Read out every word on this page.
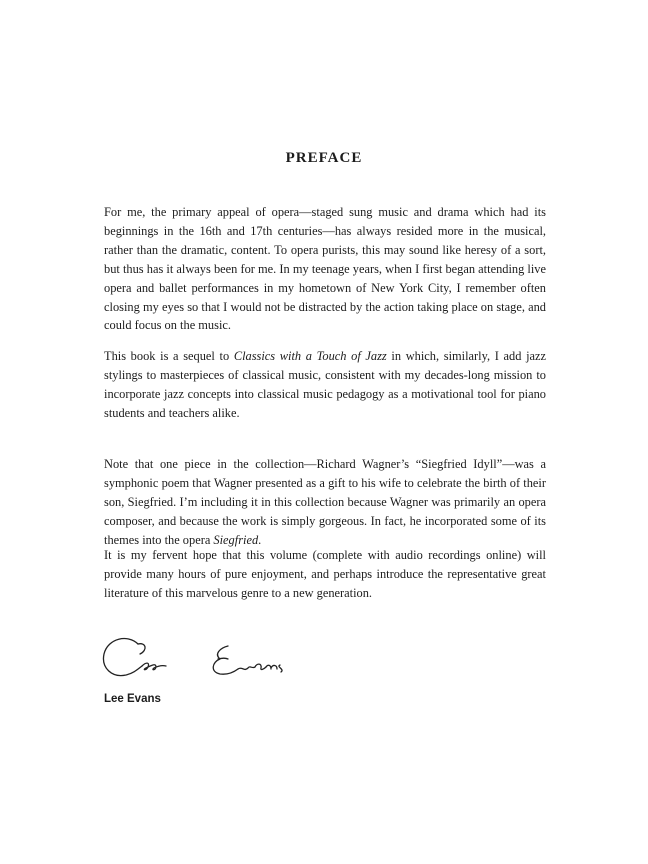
PREFACE

For me, the primary appeal of opera—staged sung music and drama which had its beginnings in the 16th and 17th centuries—has always resided more in the musical, rather than the dramatic, content. To opera purists, this may sound like heresy of a sort, but thus has it always been for me. In my teenage years, when I first began attending live opera and ballet performances in my hometown of New York City, I remember often closing my eyes so that I would not be distracted by the action taking place on stage, and could focus on the music.

This book is a sequel to Classics with a Touch of Jazz in which, similarly, I add jazz stylings to masterpieces of classical music, consistent with my decades-long mission to incorporate jazz concepts into classical music pedagogy as a motivational tool for piano students and teachers alike.

Note that one piece in the collection—Richard Wagner’s “Siegfried Idyll”—was a symphonic poem that Wagner presented as a gift to his wife to celebrate the birth of their son, Siegfried. I’m including it in this collection because Wagner was primarily an opera composer, and because the work is simply gorgeous. In fact, he incorporated some of its themes into the opera Siegfried.

It is my fervent hope that this volume (complete with audio recordings online) will provide many hours of pure enjoyment, and perhaps introduce the representative great literature of this marvelous genre to a new generation.

Lee Evans
